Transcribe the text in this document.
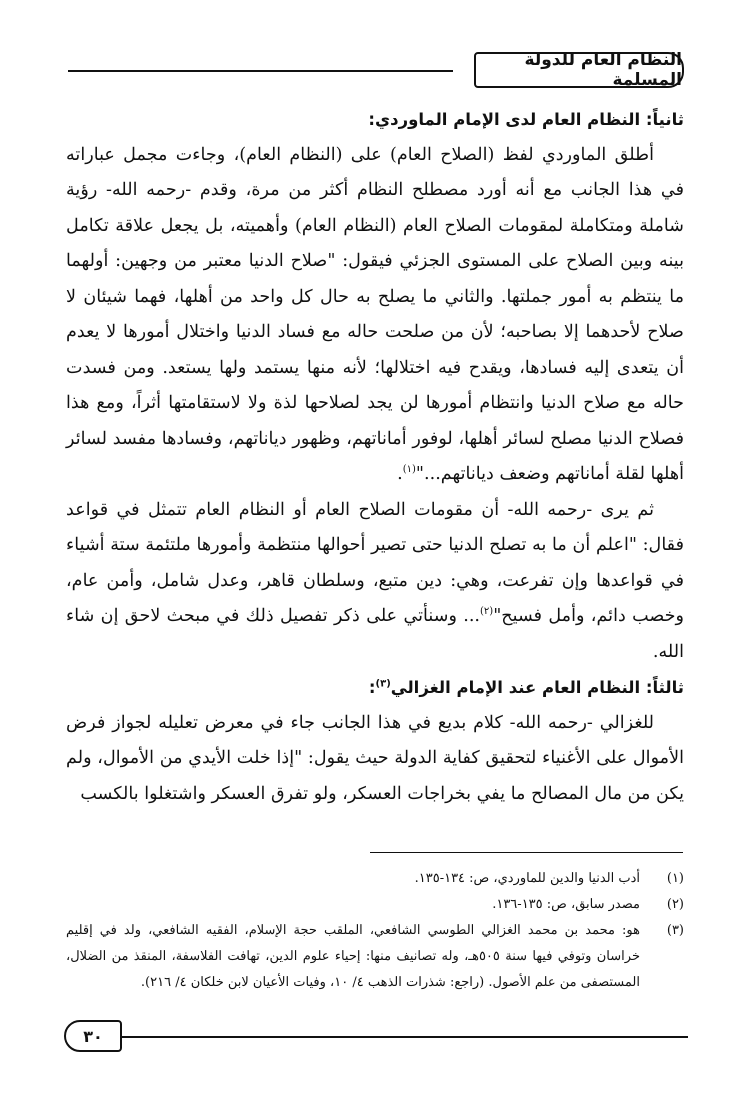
النظام العام للدولة المسلمة

ثانياً: النظام العام لدى الإمام الماوردي:

أطلق الماوردي لفظ (الصلاح العام) على (النظام العام)، وجاءت مجمل عباراته في هذا الجانب مع أنه أورد مصطلح النظام أكثر من مرة، وقدم -رحمه الله- رؤية شاملة ومتكاملة لمقومات الصلاح العام (النظام العام) وأهميته، بل يجعل علاقة تكامل بينه وبين الصلاح على المستوى الجزئي فيقول: "صلاح الدنيا معتبر من وجهين: أولهما ما ينتظم به أمور جملتها. والثاني ما يصلح به حال كل واحد من أهلها، فهما شيئان لا صلاح لأحدهما إلا بصاحبه؛ لأن من صلحت حاله مع فساد الدنيا واختلال أمورها لا يعدم أن يتعدى إليه فسادها، ويقدح فيه اختلالها؛ لأنه منها يستمد ولها يستعد. ومن فسدت حاله مع صلاح الدنيا وانتظام أمورها لن يجد لصلاحها لذة ولا لاستقامتها أثراً، ومع هذا فصلاح الدنيا مصلح لسائر أهلها، لوفور أماناتهم، وظهور دياناتهم، وفسادها مفسد لسائر أهلها لقلة أماناتهم وضعف دياناتهم..."$^{(١)}$.

ثم يرى -رحمه الله- أن مقومات الصلاح العام أو النظام العام تتمثل في قواعد فقال: "اعلم أن ما به تصلح الدنيا حتى تصير أحوالها منتظمة وأمورها ملتئمة ستة أشياء في قواعدها وإن تفرعت، وهي: دين متبع، وسلطان قاهر، وعدل شامل، وأمن عام، وخصب دائم، وأمل فسيح"$^{(٢)}$... وسنأتي على ذكر تفصيل ذلك في مبحث لاحق إن شاء الله.

ثالثاً: النظام العام عند الإمام الغزالي$^{(٣)}$:

للغزالي -رحمه الله- كلام بديع في هذا الجانب جاء في معرض تعليله لجواز فرض الأموال على الأغنياء لتحقيق كفاية الدولة حيث يقول: "إذا خلت الأيدي من الأموال، ولم يكن من مال المصالح ما يفي بخراجات العسكر، ولو تفرق العسكر واشتغلوا بالكسب

(١)
أدب الدنيا والدين للماوردي، ص: ١٣٤-١٣٥.
(٢)
مصدر سابق، ص: ١٣٥-١٣٦.
(٣)
هو: محمد بن محمد الغزالي الطوسي الشافعي، الملقب حجة الإسلام، الفقيه الشافعي، ولد في إقليم خراسان وتوفي فيها سنة ٥٠٥هـ، وله تصانيف منها: إحياء علوم الدين، تهافت الفلاسفة، المنقذ من الضلال، المستصفى من علم الأصول. (راجع: شذرات الذهب ٤/ ١٠، وفيات الأعيان لابن خلكان ٤/ ٢١٦).
٣٠
